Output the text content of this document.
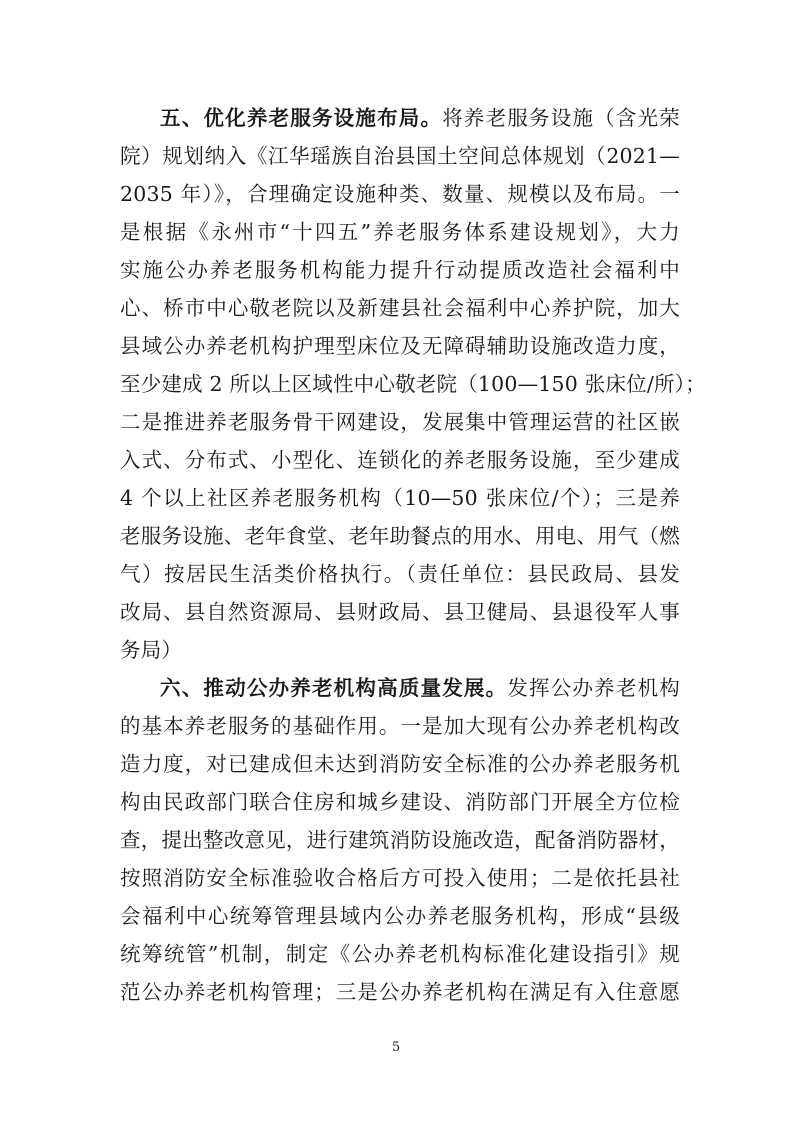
五、优化养老服务设施布局。将养老服务设施（含光荣
院）规划纳入《江华瑶族自治县国土空间总体规划（2021—
2035 年）》，合理确定设施种类、数量、规模以及布局。一
是根据《永州市“十四五”养老服务体系建设规划》，大力
实施公办养老服务机构能力提升行动提质改造社会福利中
心、桥市中心敬老院以及新建县社会福利中心养护院，加大
县域公办养老机构护理型床位及无障碍辅助设施改造力度，
至少建成 2 所以上区域性中心敬老院（100—150 张床位/所）；
二是推进养老服务骨干网建设，发展集中管理运营的社区嵌
入式、分布式、小型化、连锁化的养老服务设施，至少建成
4 个以上社区养老服务机构（10—50 张床位/个）；三是养
老服务设施、老年食堂、老年助餐点的用水、用电、用气（燃
气）按居民生活类价格执行。（责任单位：县民政局、县发
改局、县自然资源局、县财政局、县卫健局、县退役军人事
务局）
六、推动公办养老机构高质量发展。发挥公办养老机构
的基本养老服务的基础作用。一是加大现有公办养老机构改
造力度，对已建成但未达到消防安全标准的公办养老服务机
构由民政部门联合住房和城乡建设、消防部门开展全方位检
查，提出整改意见，进行建筑消防设施改造，配备消防器材，
按照消防安全标准验收合格后方可投入使用；二是依托县社
会福利中心统筹管理县域内公办养老服务机构，形成“县级
统筹统管”机制，制定《公办养老机构标准化建设指引》规
范公办养老机构管理；三是公办养老机构在满足有入住意愿
5
